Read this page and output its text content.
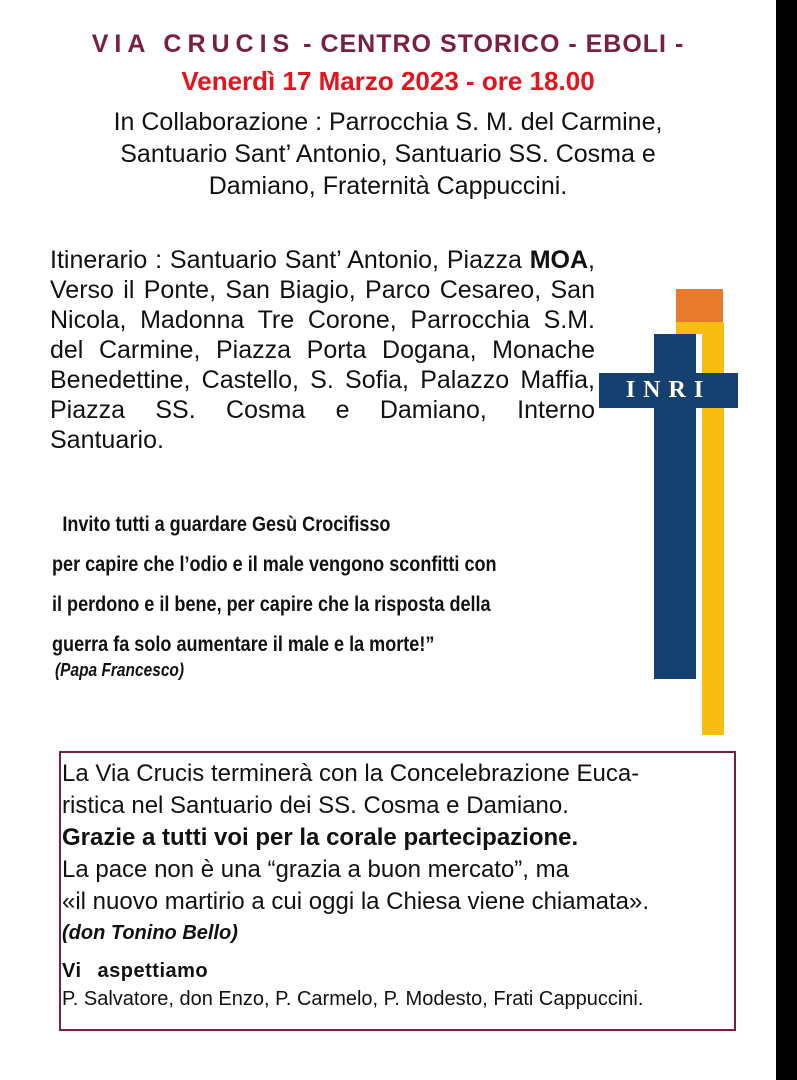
VIA CRUCIS - CENTRO STORICO - EBOLI -
Venerdì 17 Marzo 2023 - ore 18.00
In Collaborazione : Parrocchia S. M. del Carmine,
Santuario Sant’ Antonio, Santuario SS. Cosma e
Damiano, Fraternità Cappuccini.
Itinerario : Santuario Sant’ Antonio, Piazza MOA, Verso il Ponte, San Biagio, Parco Cesareo, San Nicola, Madonna Tre Corone, Parrocchia S.M. del Carmine, Piazza Porta Dogana, Monache Benedettine, Castello, S. Sofia, Palazzo Maffia, Piazza SS. Cosma e Damiano, Interno Santuario.
INRI
Invito tutti a guardare Gesù Crocifisso
per capire che l’odio e il male vengono sconfitti con
il perdono e il bene, per capire che la risposta della
guerra fa solo aumentare il male e la morte!”
(Papa Francesco)
La Via Crucis terminerà con la Concelebrazione Euca-
ristica nel Santuario dei SS. Cosma e Damiano.
Grazie a tutti voi per la corale partecipazione.
La pace non è una “grazia a buon mercato”, ma
«il nuovo martirio a cui oggi la Chiesa viene chiamata».
(don Tonino Bello)
Vi aspettiamo
P. Salvatore, don Enzo, P. Carmelo, P. Modesto, Frati Cappuccini.
